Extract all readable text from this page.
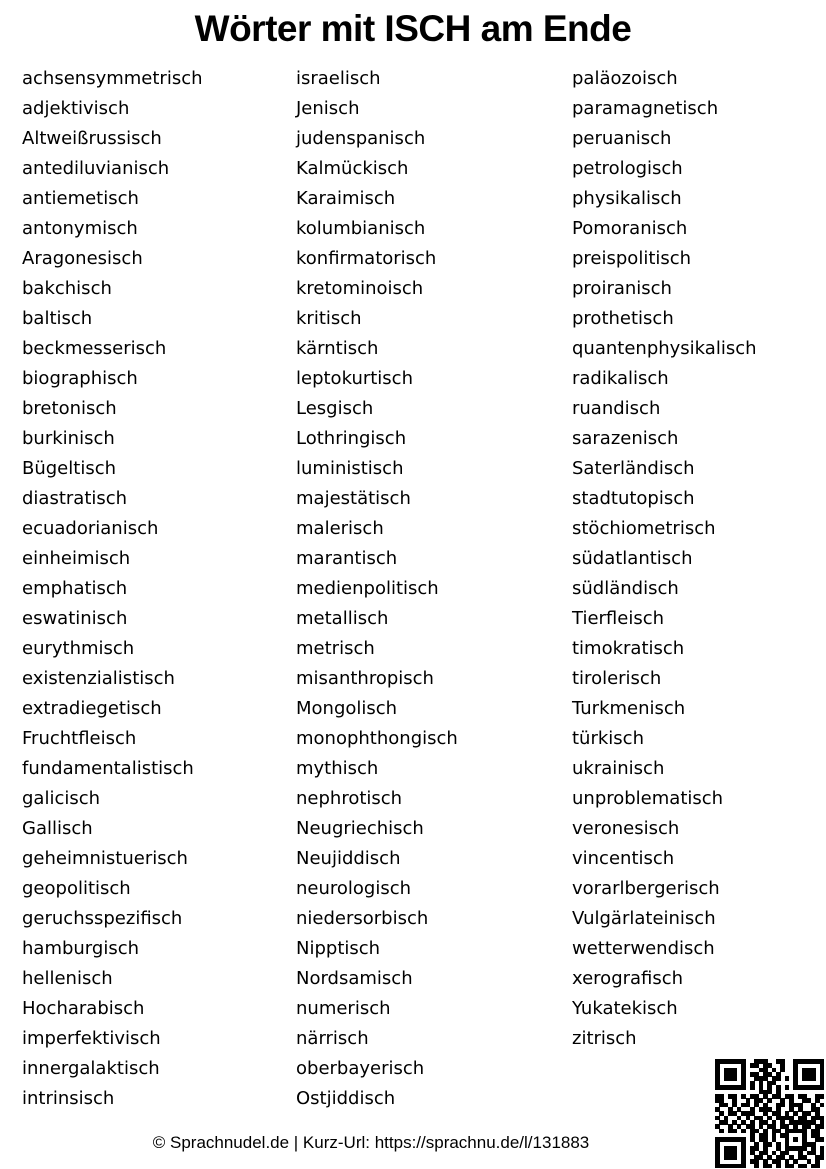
Wörter mit ISCH am Ende
achsensymmetrisch
adjektivisch
Altweißrussisch
antediluvianisch
antiemetisch
antonymisch
Aragonesisch
bakchisch
baltisch
beckmesserisch
biographisch
bretonisch
burkinisch
Bügeltisch
diastratisch
ecuadorianisch
einheimisch
emphatisch
eswatinisch
eurythmisch
existenzialistisch
extradiegetisch
Fruchtfleisch
fundamentalistisch
galicisch
Gallisch
geheimnistuerisch
geopolitisch
geruchsspezifisch
hamburgisch
hellenisch
Hocharabisch
imperfektivisch
innergalaktisch
intrinsisch
israelisch
Jenisch
judenspanisch
Kalmückisch
Karaimisch
kolumbianisch
konfirmatorisch
kretominoisch
kritisch
kärntisch
leptokurtisch
Lesgisch
Lothringisch
luministisch
majestätisch
malerisch
marantisch
medienpolitisch
metallisch
metrisch
misanthropisch
Mongolisch
monophthongisch
mythisch
nephrotisch
Neugriechisch
Neujiddisch
neurologisch
niedersorbisch
Nipptisch
Nordsamisch
numerisch
närrisch
oberbayerisch
Ostjiddisch
paläozoisch
paramagnetisch
peruanisch
petrologisch
physikalisch
Pomoranisch
preispolitisch
proiranisch
prothetisch
quantenphysikalisch
radikalisch
ruandisch
sarazenisch
Saterländisch
stadtutopisch
stöchiometrisch
südatlantisch
südländisch
Tierfleisch
timokratisch
tirolerisch
Turkmenisch
türkisch
ukrainisch
unproblematisch
veronesisch
vincentisch
vorarlbergerisch
Vulgärlateinisch
wetterwendisch
xerografisch
Yukatekisch
zitrisch
© Sprachnudel.de | Kurz-Url: https://sprachnu.de/l/131883
